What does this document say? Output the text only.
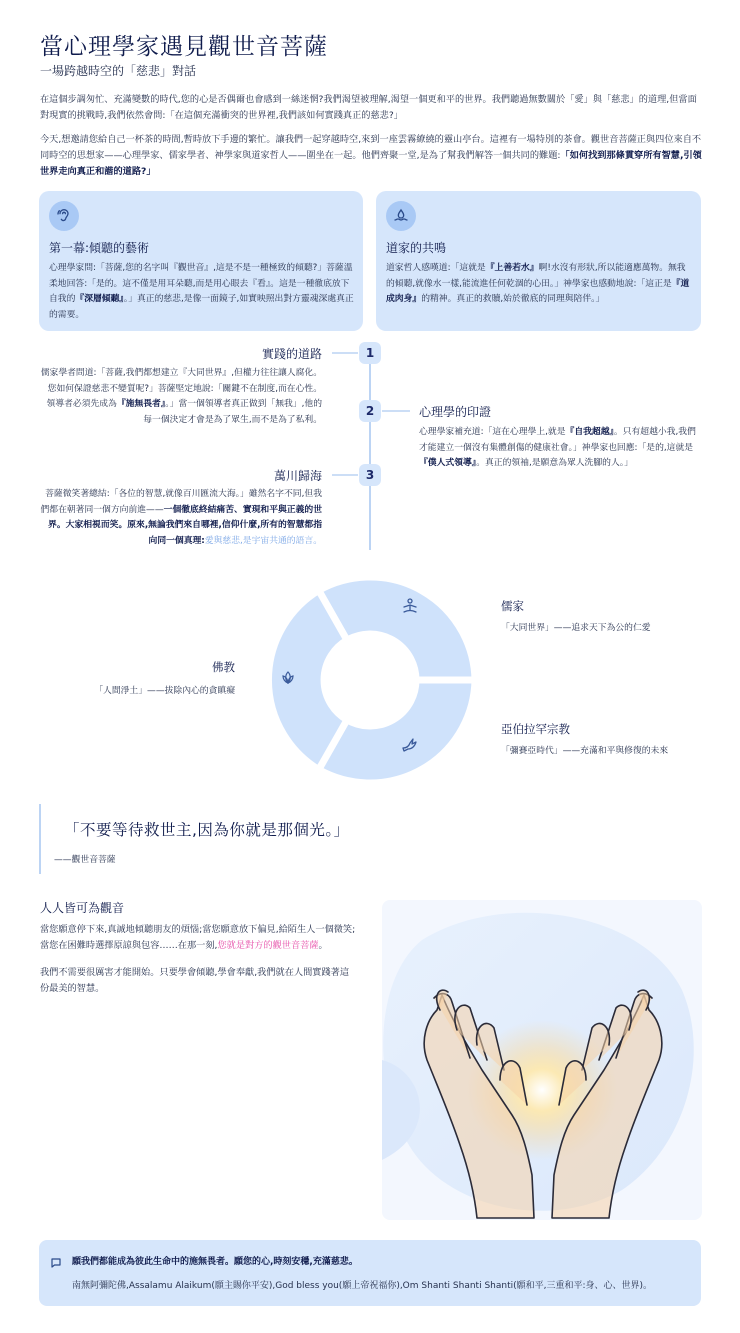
當心理學家遇見觀世音菩薩
一場跨越時空的「慈悲」對話

在這個步調匆忙、充滿變數的時代,您的心是否偶爾也會感到一絲迷惘?我們渴望被理解,渴望一個更和平的世界。我們聽過無數關於「愛」與「慈悲」的道理,但當面對現實的挑戰時,我們依然會問:「在這個充滿衝突的世界裡,我們該如何實踐真正的慈悲?」

今天,想邀請您給自己一杯茶的時間,暫時放下手邊的繁忙。讓我們一起穿越時空,來到一座雲霧繚繞的靈山亭台。這裡有一場特別的茶會。觀世音菩薩正與四位來自不同時空的思想家——心理學家、儒家學者、神學家與道家哲人——圍坐在一起。他們齊聚一堂,是為了幫我們解答一個共同的難題:「如何找到那條貫穿所有智慧,引領世界走向真正和諧的道路?」

第一幕:傾聽的藝術

心理學家問:「菩薩,您的名字叫『觀世音』,這是不是一種極致的傾聽?」菩薩溫柔地回答:「是的。這不僅是用耳朵聽,而是用心眼去『看』。這是一種徹底放下自我的『深層傾聽』。」真正的慈悲,是像一面鏡子,如實映照出對方靈魂深處真正的需要。

道家的共鳴

道家哲人感嘆道:「這就是『上善若水』啊!水沒有形狀,所以能適應萬物。無我的傾聽,就像水一樣,能流進任何乾涸的心田。」神學家也感動地說:「這正是『道成肉身』的精神。真正的救贖,始於徹底的同理與陪伴。」

1
2
3
實踐的道路

儒家學者問道:「菩薩,我們都想建立『大同世界』,但權力往往讓人腐化。您如何保證慈悲不變質呢?」菩薩堅定地說:「關鍵不在制度,而在心性。領導者必須先成為『施無畏者』。」當一個領導者真正做到「無我」,他的每一個決定才會是為了眾生,而不是為了私利。

心理學的印證

心理學家補充道:「這在心理學上,就是『自我超越』。只有超越小我,我們才能建立一個沒有集體創傷的健康社會。」神學家也回應:「是的,這就是『僕人式領導』。真正的領袖,是願意為眾人洗腳的人。」

萬川歸海

菩薩微笑著總結:「各位的智慧,就像百川匯流大海。」雖然名字不同,但我們都在朝著同一個方向前進——一個徹底終結痛苦、實現和平與正義的世界。大家相視而笑。原來,無論我們來自哪裡,信仰什麼,所有的智慧都指向同一個真理:愛與慈悲,是宇宙共通的語言。

儒家
「大同世界」——追求天下為公的仁愛
佛教
「人間淨土」——拔除內心的貪瞋癡
亞伯拉罕宗教
「彌賽亞時代」——充滿和平與修復的未來
「不要等待救世主,因為你就是那個光。」
——觀世音菩薩
人人皆可為觀音

當您願意停下來,真誠地傾聽朋友的煩惱;當您願意放下偏見,給陌生人一個微笑;當您在困難時選擇原諒與包容……在那一刻,您就是對方的觀世音菩薩。

我們不需要很厲害才能開始。只要學會傾聽,學會奉獻,我們就在人間實踐著這份最美的智慧。

願我們都能成為彼此生命中的施無畏者。願您的心,時刻安穩,充滿慈悲。
南無阿彌陀佛,Assalamu Alaikum(願主賜你平安),God bless you(願上帝祝福你),Om Shanti Shanti Shanti(願和平,三重和平:身、心、世界)。
